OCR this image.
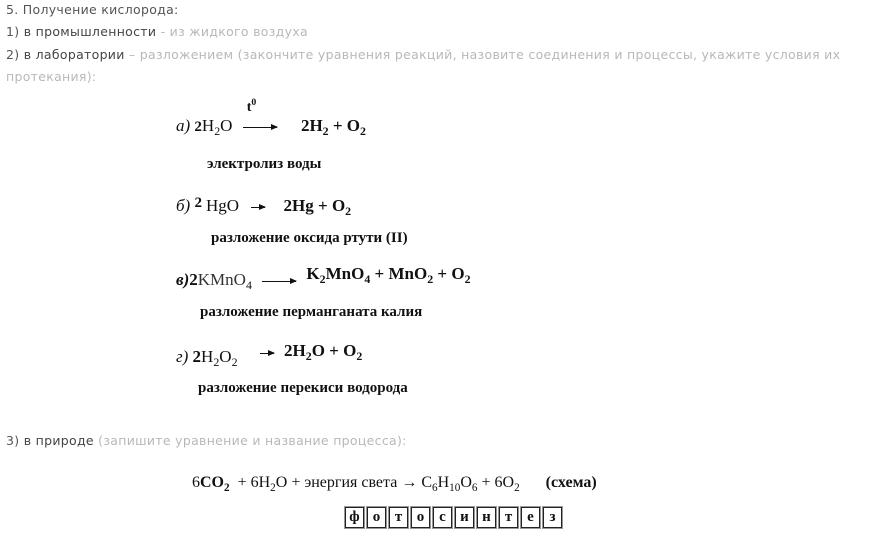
5. Получение кислорода:
1) в промышленности - из жидкого воздуха
2) в лаборатории – разложением (закончите уравнения реакций, назовите соединения и процессы, укажите условия их
протекания):
а) $2H_2O$
$t^0$
$2H_2 + O_2$
электролиз воды
б) 2 HgO	$2Hg + O_2$
разложение оксида ртути (II)
в)2KMnO$_4$  $K_2MnO_4 + MnO_2 + O_2$
разложение перманганата калия
г) $2H_2O_2$  $2H_2O + O_2$
разложение перекиси водорода
3) в природе (запишите уравнение и название процесса):
$6CO_2 + 6H_2O$ + энергия света → $C_6H_{10}O_6 + 6O_2$ (схема)
ф о т о с и н т е	з
